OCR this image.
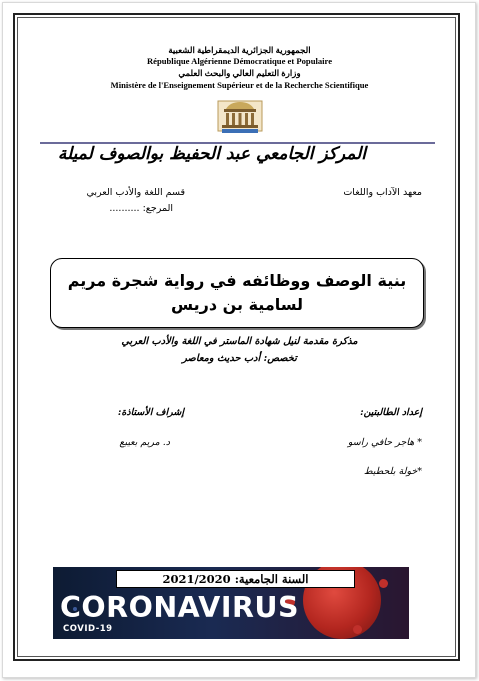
الجمهورية الجزائرية الديمقراطية الشعبية
République Algérienne Démocratique et Populaire
وزارة التعليم العالي والبحث العلمي
Ministère de l'Enseignement Supérieur et de la Recherche Scientifique
المركز الجامعي عبد الحفيظ بوالصوف لميلة
معهد الآداب واللغات
قسم اللغة والأدب العربي
المرجع: ..........
بنية الوصف ووظائفه في رواية شجرة مريم
لسامية بن دريس
مذكرة مقدمة لنيل شهادة الماستر في اللغة والأدب العربي
تخصص: أدب حديث ومعاصر
إعداد الطالبتين:
إشراف الأستاذة:
* هاجر حافي راسو
د. مريم بعيبع
*خولة بلحطيط
السنة الجامعية: 2021/2020
CORONAVIRUS
COVID-19
